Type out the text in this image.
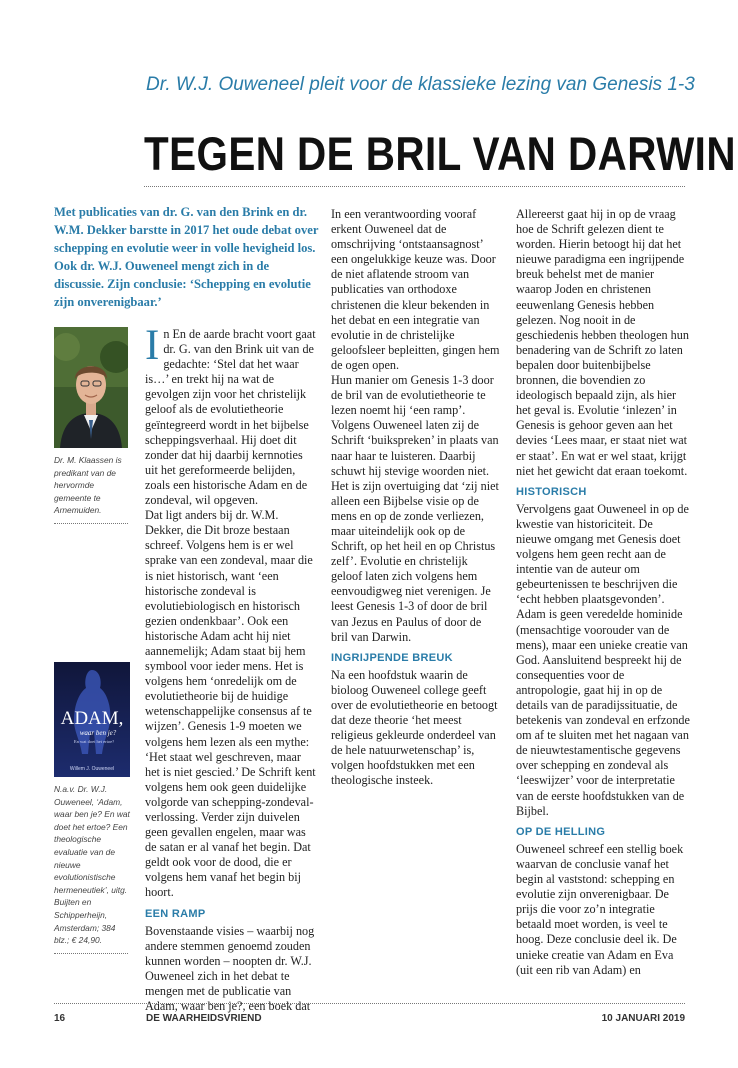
Dr. W.J. Ouweneel pleit voor de klassieke lezing van Genesis 1-3
TEGEN DE BRIL VAN DARWIN
Met publicaties van dr. G. van den Brink en dr. W.M. Dekker barstte in 2017 het oude debat over schepping en evolutie weer in volle hevigheid los. Ook dr. W.J. Ouweneel mengt zich in de discussie. Zijn conclusie: ‘Schepping en evolutie zijn onverenigbaar.’
Dr. M. Klaassen is predikant van de hervormde gemeente te Arnemuiden.
ADAM,
waar ben je?
En wat doet het ertoe?
Willem J. Ouweneel
N.a.v. Dr. W.J. Ouweneel, ‘Adam, waar ben je? En wat doet het ertoe? Een theologische evaluatie van de nieuwe evolutionistische hermeneutiek’, uitg. Buijten en Schipperheijn, Amsterdam; 384 blz.; € 24,90.

In En de aarde bracht voort gaat dr. G. van den Brink uit van de gedachte: ‘Stel dat het waar is…’ en trekt hij na wat de gevolgen zijn voor het christelijk geloof als de evolutietheorie geïntegreerd wordt in het bijbelse scheppingsverhaal. Hij doet dit zonder dat hij daarbij kernnoties uit het gereformeerde belijden, zoals een historische Adam en de zondeval, wil opgeven.

Dat ligt anders bij dr. W.M. Dekker, die Dit broze bestaan schreef. Volgens hem is er wel sprake van een zondeval, maar die is niet historisch, want ‘een historische zondeval is evolutiebiologisch en historisch gezien ondenkbaar’. Ook een historische Adam acht hij niet aannemelijk; Adam staat bij hem symbool voor ieder mens. Het is volgens hem ‘onredelijk om de evolutietheorie bij de huidige wetenschappelijke consensus af te wijzen’. Genesis 1-9 moeten we volgens hem lezen als een mythe: ‘Het staat wel geschreven, maar het is niet gescied.’ De Schrift kent volgens hem ook geen duidelijke volgorde van schepping-zondeval-verlossing. Verder zijn duivelen geen gevallen engelen, maar was de satan er al vanaf het begin. Dat geldt ook voor de dood, die er volgens hem vanaf het begin bij hoort.

EEN RAMP

Bovenstaande visies – waarbij nog andere stemmen genoemd zouden kunnen worden – noopten dr. W.J. Ouweneel zich in het debat te mengen met de publicatie van Adam, waar ben je?, een boek dat

In een verantwoording vooraf erkent Ouweneel dat de omschrijving ‘ontstaansagnost’ een ongelukkige keuze was. Door de niet aflatende stroom van publicaties van orthodoxe christenen die kleur bekenden in het debat en een integratie van evolutie in de christelijke geloofsleer bepleitten, gingen hem de ogen open.

Hun manier om Genesis 1-3 door de bril van de evolutietheorie te lezen noemt hij ‘een ramp’. Volgens Ouweneel laten zij de Schrift ‘buikspreken’ in plaats van naar haar te luisteren. Daarbij schuwt hij stevige woorden niet. Het is zijn overtuiging dat ‘zij niet alleen een Bijbelse visie op de mens en op de zonde verliezen, maar uiteindelijk ook op de Schrift, op het heil en op Christus zelf’. Evolutie en christelijk geloof laten zich volgens hem eenvoudigweg niet verenigen. Je leest Genesis 1-3 of door de bril van Jezus en Paulus of door de bril van Darwin.

INGRIJPENDE BREUK

Na een hoofdstuk waarin de bioloog Ouweneel college geeft over de evolutietheorie en betoogt dat deze theorie ‘het meest religieus gekleurde onderdeel van de hele natuurwetenschap’ is, volgen hoofdstukken met een theologische insteek.

Allereerst gaat hij in op de vraag hoe de Schrift gelezen dient te worden. Hierin betoogt hij dat het nieuwe paradigma een ingrijpende breuk behelst met de manier waarop Joden en christenen eeuwenlang Genesis hebben gelezen. Nog nooit in de geschiedenis hebben theologen hun benadering van de Schrift zo laten bepalen door buitenbijbelse bronnen, die bovendien zo ideologisch bepaald zijn, als hier het geval is. Evolutie ‘inlezen’ in Genesis is gehoor geven aan het devies ‘Lees maar, er staat niet wat er staat’. En wat er wel staat, krijgt niet het gewicht dat eraan toekomt.

HISTORISCH

Vervolgens gaat Ouweneel in op de kwestie van historiciteit. De nieuwe omgang met Genesis doet volgens hem geen recht aan de intentie van de auteur om gebeurtenissen te beschrijven die ‘echt hebben plaatsgevonden’. Adam is geen veredelde hominide (mensachtige voorouder van de mens), maar een unieke creatie van God. Aansluitend bespreekt hij de consequenties voor de antropologie, gaat hij in op de details van de paradijssituatie, de betekenis van zondeval en erfzonde om af te sluiten met het nagaan van de nieuwtestamentische gegevens over schepping en zondeval als ‘leeswijzer’ voor de interpretatie van de eerste hoofdstukken van de Bijbel.

OP DE HELLING

Ouweneel schreef een stellig boek waarvan de conclusie vanaf het begin al vaststond: schepping en evolutie zijn onverenigbaar. De prijs die voor zo’n integratie betaald moet worden, is veel te hoog. Deze conclusie deel ik. De unieke creatie van Adam en Eva (uit een rib van Adam) en

16	DE WAARHEIDSVRIEND	10 JANUARI 2019
